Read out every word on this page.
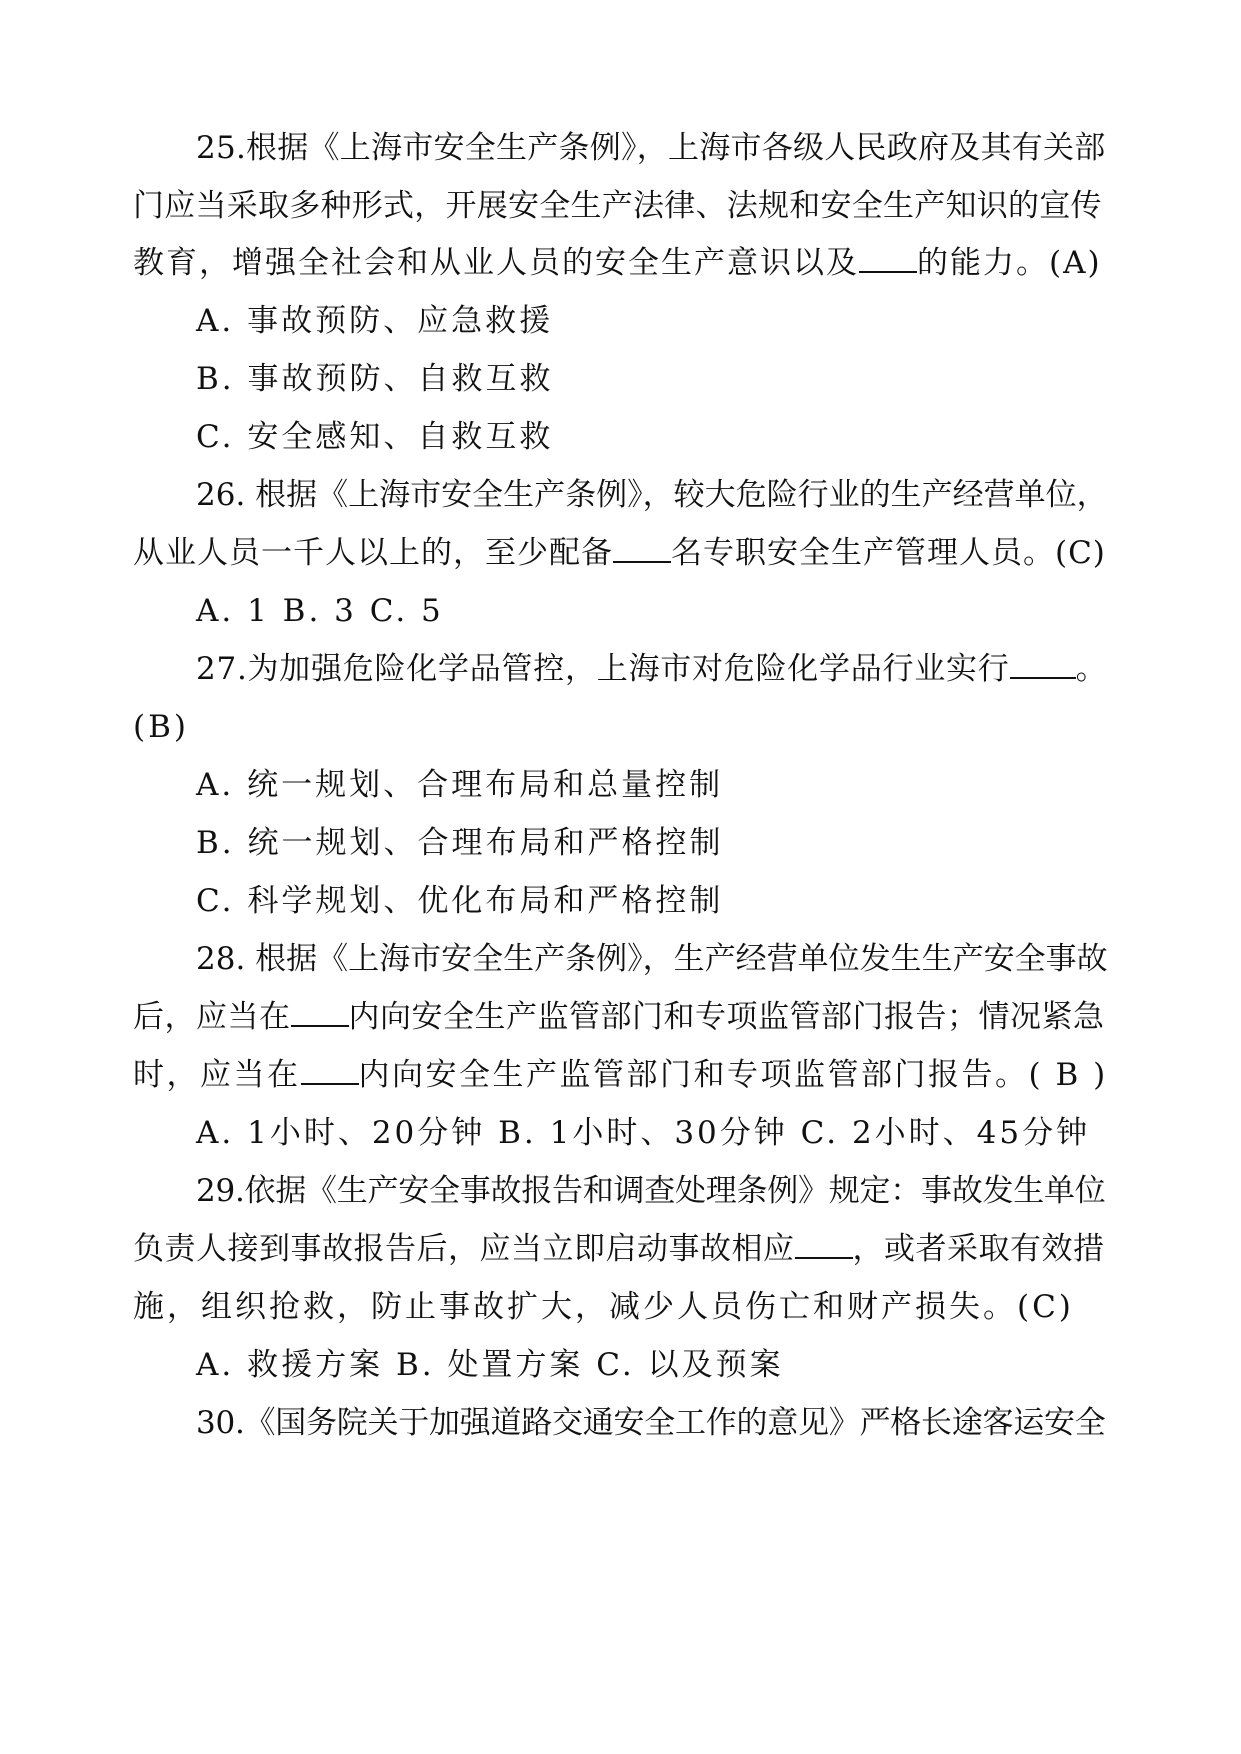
25.根据《上海市安全生产条例》，上海市各级人民政府及其有关部
门应当采取多种形式，开展安全生产法律、法规和安全生产知识的宣传
教育，增强全社会和从业人员的安全生产意识以及 的能力。(A)
A. 事故预防、应急救援
B. 事故预防、自救互救
C. 安全感知、自救互救
26. 根据《上海市安全生产条例》，较大危险行业的生产经营单位，
从业人员一千人以上的，至少配备 名专职安全生产管理人员。(C)
A. 1 B. 3 C. 5
27.为加强危险化学品管控，上海市对危险化学品行业实行 。
(B)
A. 统一规划、合理布局和总量控制
B. 统一规划、合理布局和严格控制
C. 科学规划、优化布局和严格控制
28. 根据《上海市安全生产条例》，生产经营单位发生生产安全事故
后，应当在 内向安全生产监管部门和专项监管部门报告；情况紧急
时，应当在 内向安全生产监管部门和专项监管部门报告。( B )
A. 1小时、20分钟 B. 1小时、30分钟 C. 2小时、45分钟
29.依据《生产安全事故报告和调查处理条例》规定：事故发生单位
负责人接到事故报告后，应当立即启动事故相应 ，或者采取有效措
施，组织抢救，防止事故扩大，减少人员伤亡和财产损失。(C)
A. 救援方案 B. 处置方案 C. 以及预案
30.《国务院关于加强道路交通安全工作的意见》严格长途客运安全
